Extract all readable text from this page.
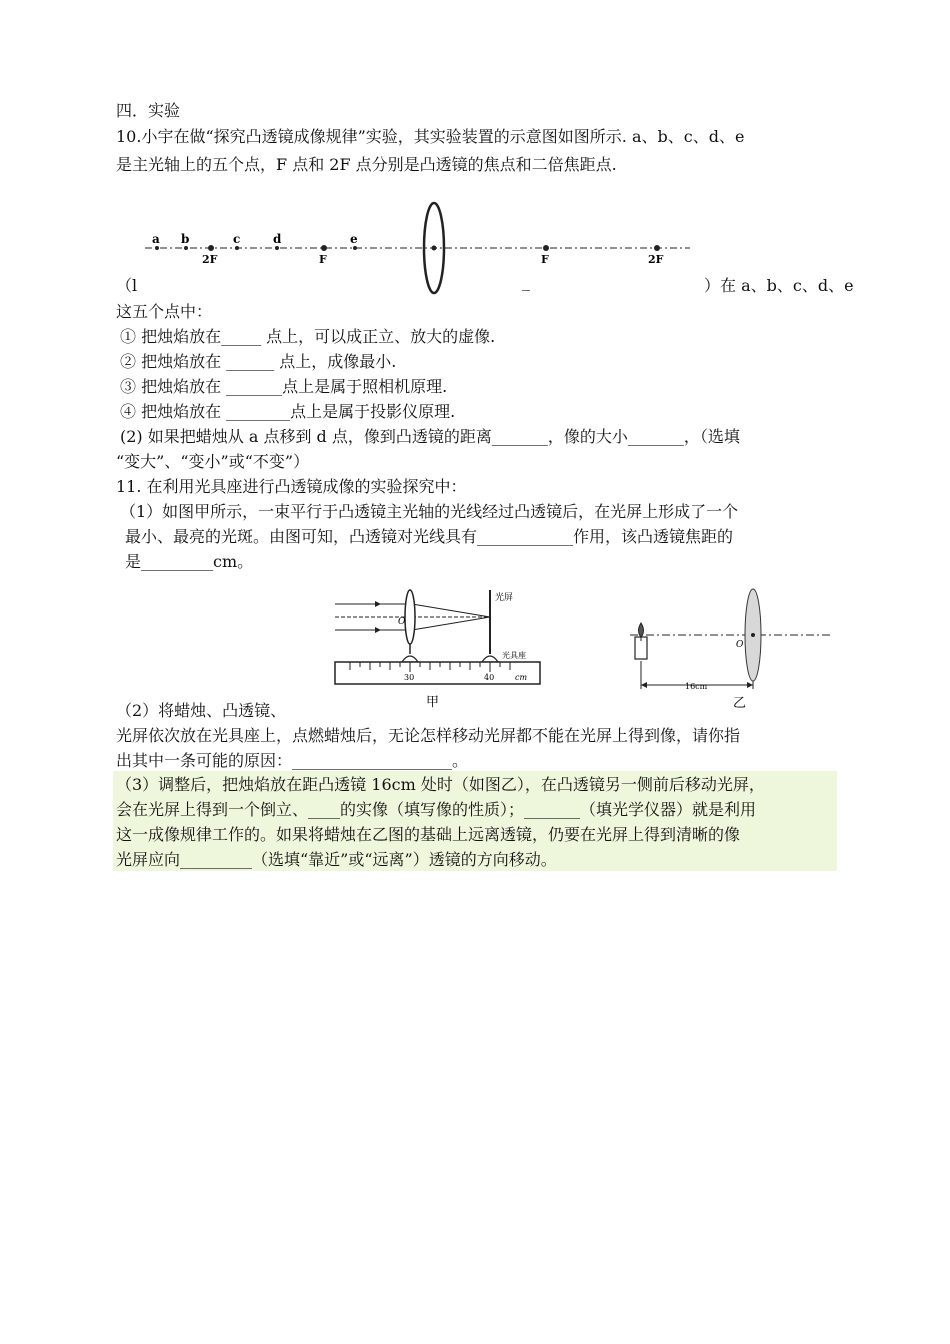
四．实验
10.小宇在做“探究凸透镜成像规律”实验，其实验装置的示意图如图所示. a、b、c、d、e
是主光轴上的五个点，F 点和 2F 点分别是凸透镜的焦点和二倍焦距点.
a b	c	d	e
2F	F	F	2F
（l	_	）在 a、b、c、d、e
这五个点中：
① 把烛焰放在_____ 点上，可以成正立、放大的虚像.
② 把烛焰放在 ______ 点上，成像最小.
③ 把烛焰放在 _______点上是属于照相机原理.
④ 把烛焰放在 ________点上是属于投影仪原理.
(2) 如果把蜡烛从 a 点移到 d 点，像到凸透镜的距离_______，像的大小_______，（选填
“变大”、“变小”或“不变”）
11. 在利用光具座进行凸透镜成像的实验探究中：
（1）如图甲所示，一束平行于凸透镜主光轴的光线经过凸透镜后，在光屏上形成了一个
最小、最亮的光斑。由图可知，凸透镜对光线具有____________作用，该凸透镜焦距的
是_________cm。
O
光屏
光具座
30	40	cm
甲
O
16cm
乙
（2）将蜡烛、凸透镜、
光屏依次放在光具座上，点燃蜡烛后，无论怎样移动光屏都不能在光屏上得到像，请你指
出其中一条可能的原因：____________________。
（3）调整后，把烛焰放在距凸透镜 16cm 处时（如图乙），在凸透镜另一侧前后移动光屏，
会在光屏上得到一个倒立、____的实像（填写像的性质）；_______（填光学仪器）就是利用
这一成像规律工作的。如果将蜡烛在乙图的基础上远离透镜，仍要在光屏上得到清晰的像
光屏应向_________（选填“靠近”或“远离”）透镜的方向移动。
